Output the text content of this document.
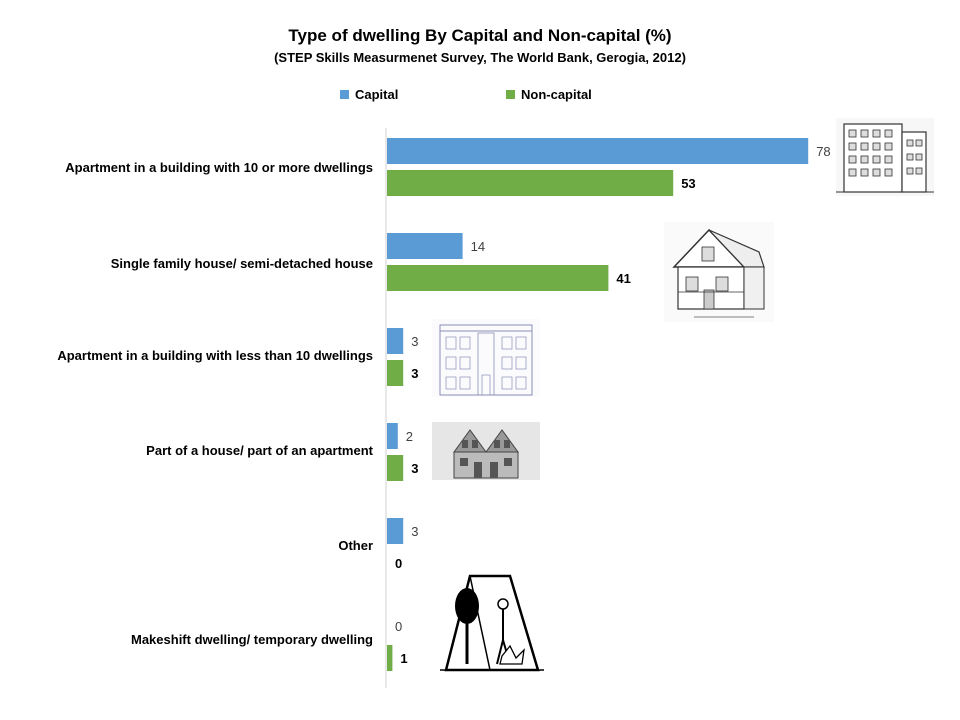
Type of dwelling By Capital and Non-capital (%)
(STEP Skills Measurmenet Survey, The World Bank, Gerogia, 2012)
Capital	Non-capital
Apartment in a building with 10 or more dwellings
Single family house/ semi-detached house
Apartment in a building with less than 10 dwellings
Part of a house/ part of an apartment
Other
Makeshift dwelling/ temporary dwelling
78
53
14
41
3
3
2
3
3
0
0
1
